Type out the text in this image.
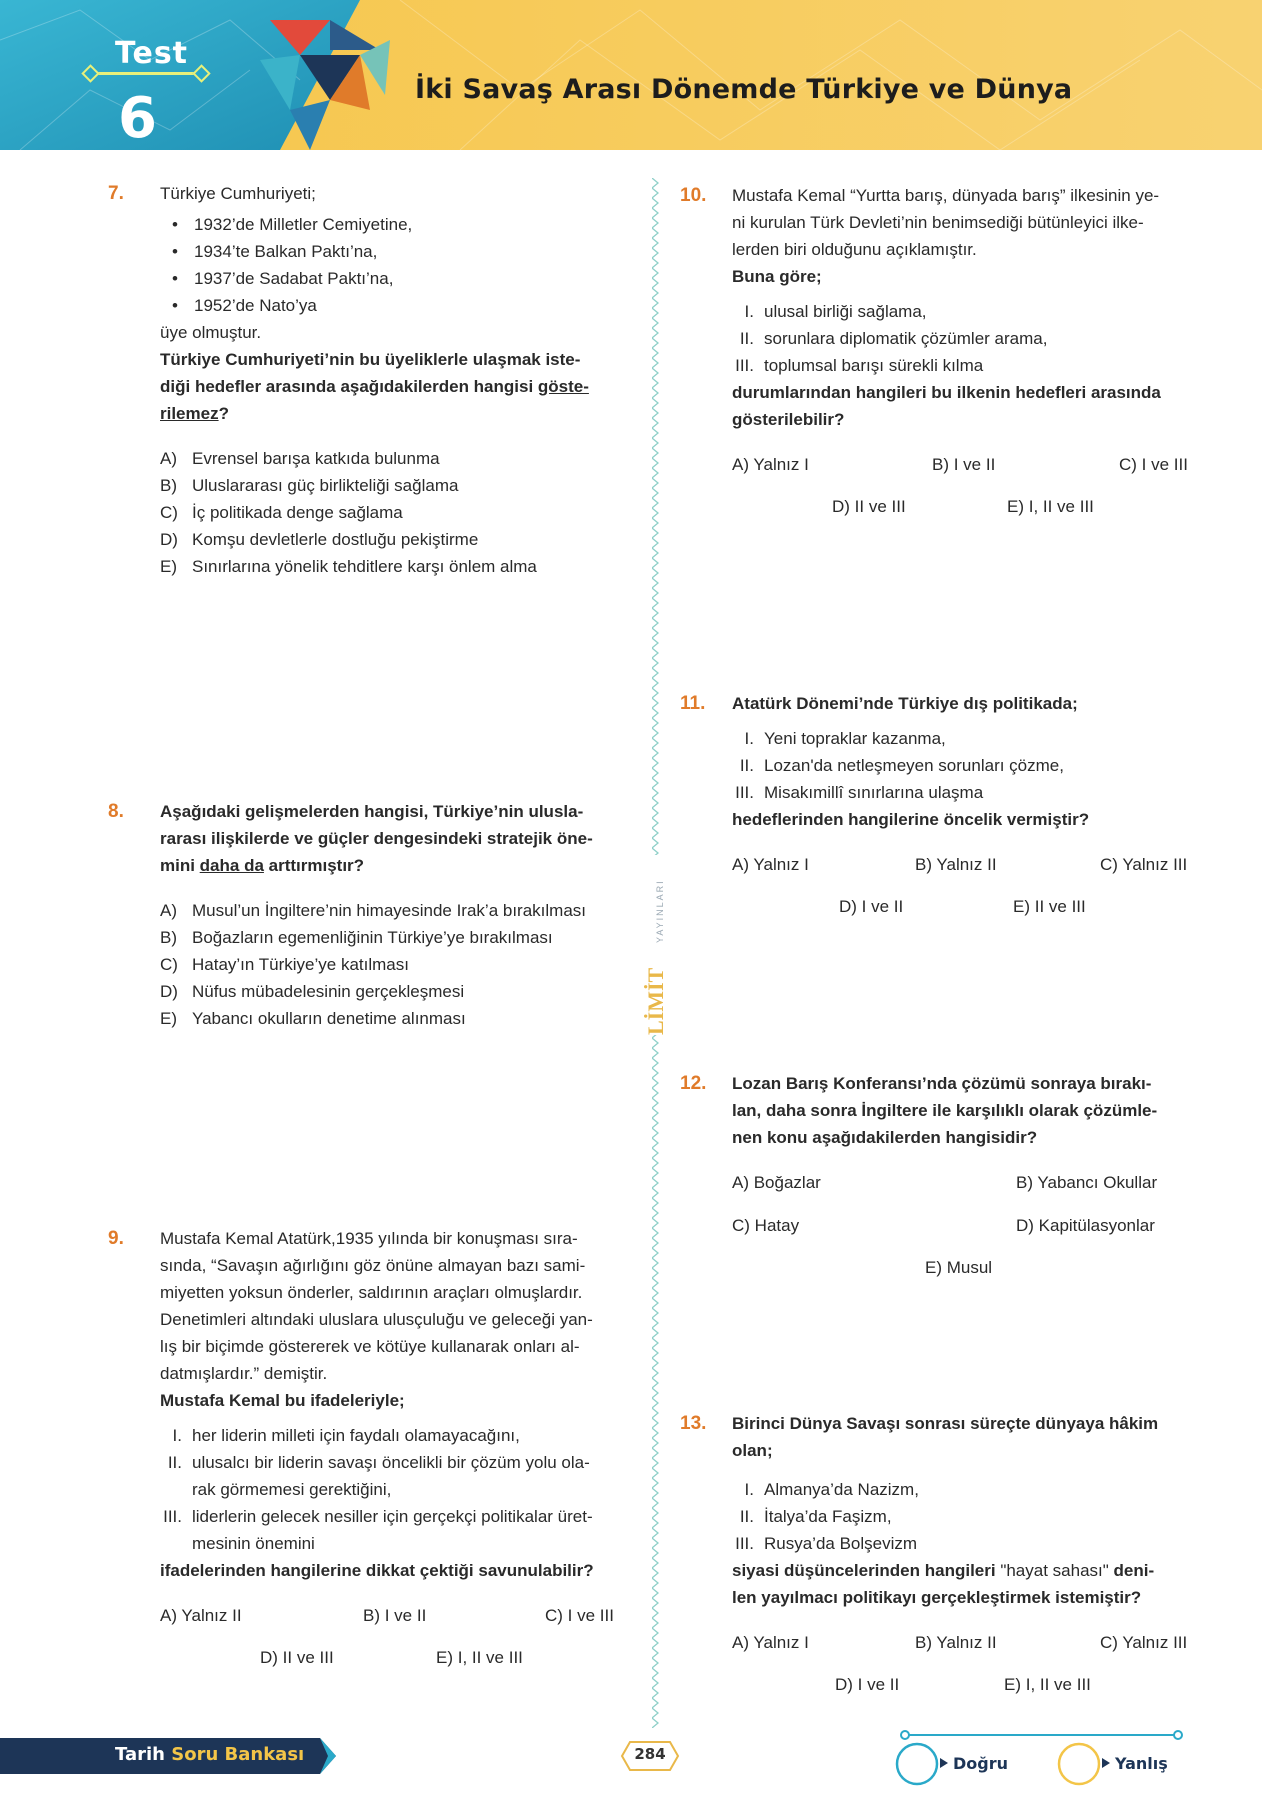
Test
6	İki Savaş Arası Dönemde Türkiye ve Dünya
LİMİT
YAYINLARI
7. Türkiye Cumhuriyeti;

• 1932’de Milletler Cemiyetine,
• 1934’te Balkan Paktı’na,
• 1937’de Sadabat Paktı’na,
• 1952’de Nato’ya

üye olmuştur.

Türkiye Cumhuriyeti’nin bu üyeliklerle ulaşmak iste-
diği hedefler arasında aşağıdakilerden hangisi göste-
rilemez?

A) Evrensel barışa katkıda bulunma
B) Uluslararası güç birlikteliği sağlama
C) İç politikada denge sağlama
D) Komşu devletlerle dostluğu pekiştirme
E) Sınırlarına yönelik tehditlere karşı önlem alma
8. Aşağıdaki gelişmelerden hangisi, Türkiye’nin ulusla-
rarası ilişkilerde ve güçler dengesindeki stratejik öne-
mini daha da arttırmıştır?

A) Musul’un İngiltere’nin himayesinde Irak’a bırakılması
B) Boğazların egemenliğinin Türkiye’ye bırakılması
C) Hatay’ın Türkiye’ye katılması
D) Nüfus mübadelesinin gerçekleşmesi
E) Yabancı okulların denetime alınması
9. Mustafa Kemal Atatürk,1935 yılında bir konuşması sıra-
sında, “Savaşın ağırlığını göz önüne almayan bazı sami-
miyetten yoksun önderler, saldırının araçları olmuşlardır.
Denetimleri altındaki uluslara ulusçuluğu ve geleceği yan-
lış bir biçimde göstererek ve kötüye kullanarak onları al-
datmışlardır.” demiştir.

Mustafa Kemal bu ifadeleriyle;

I. her liderin milleti için faydalı olamayacağını,
II. ulusalcı bir liderin savaşı öncelikli bir çözüm yolu ola-
rak görmemesi gerektiğini,
III. liderlerin gelecek nesiller için gerçekçi politikalar üret-
mesinin önemini

ifadelerinden hangilerine dikkat çektiği savunulabilir?

A) Yalnız II	B) I ve II	C) I ve III
D) II ve III	E) I, II ve III
10. Mustafa Kemal “Yurtta barış, dünyada barış” ilkesinin ye-
ni kurulan Türk Devleti’nin benimsediği bütünleyici ilke-
lerden biri olduğunu açıklamıştır.

Buna göre;

I. ulusal birliği sağlama,
II. sorunlara diplomatik çözümler arama,
III. toplumsal barışı sürekli kılma

durumlarından hangileri bu ilkenin hedefleri arasında
gösterilebilir?

A) Yalnız I	B) I ve II	C) I ve III
D) II ve III	E) I, II ve III
11. Atatürk Dönemi’nde Türkiye dış politikada;

I. Yeni topraklar kazanma,
II. Lozan'da netleşmeyen sorunları çözme,
III. Misakımillî sınırlarına ulaşma

hedeflerinden hangilerine öncelik vermiştir?

A) Yalnız I	B) Yalnız II	C) Yalnız III
D) I ve II	E) II ve III
12. Lozan Barış Konferansı’nda çözümü sonraya bırakı-
lan, daha sonra İngiltere ile karşılıklı olarak çözümle-
nen konu aşağıdakilerden hangisidir?

A) Boğazlar	B) Yabancı Okullar
C) Hatay	D) Kapitülasyonlar
E) Musul
13. Birinci Dünya Savaşı sonrası süreçte dünyaya hâkim
olan;

I. Almanya’da Nazizm,
II. İtalya’da Faşizm,
III. Rusya’da Bolşevizm

siyasi düşüncelerinden hangileri "hayat sahası" deni-
len yayılmacı politikayı gerçekleştirmek istemiştir?

A) Yalnız I	B) Yalnız II	C) Yalnız III
D) I ve II	E) I, II ve III
Tarih Soru Bankası	284	Doğru	Yanlış
